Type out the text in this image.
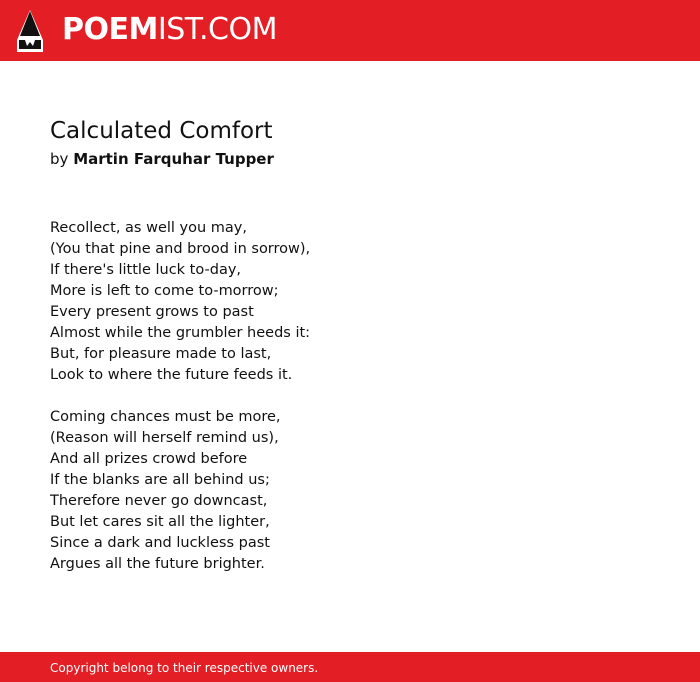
POEMIST.COM
Calculated Comfort
by Martin Farquhar Tupper
Recollect, as well you may,
(You that pine and brood in sorrow),
If there's little luck to-day,
More is left to come to-morrow;
Every present grows to past
Almost while the grumbler heeds it:
But, for pleasure made to last,
Look to where the future feeds it.
Coming chances must be more,
(Reason will herself remind us),
And all prizes crowd before
If the blanks are all behind us;
Therefore never go downcast,
But let cares sit all the lighter,
Since a dark and luckless past
Argues all the future brighter.
Copyright belong to their respective owners.
